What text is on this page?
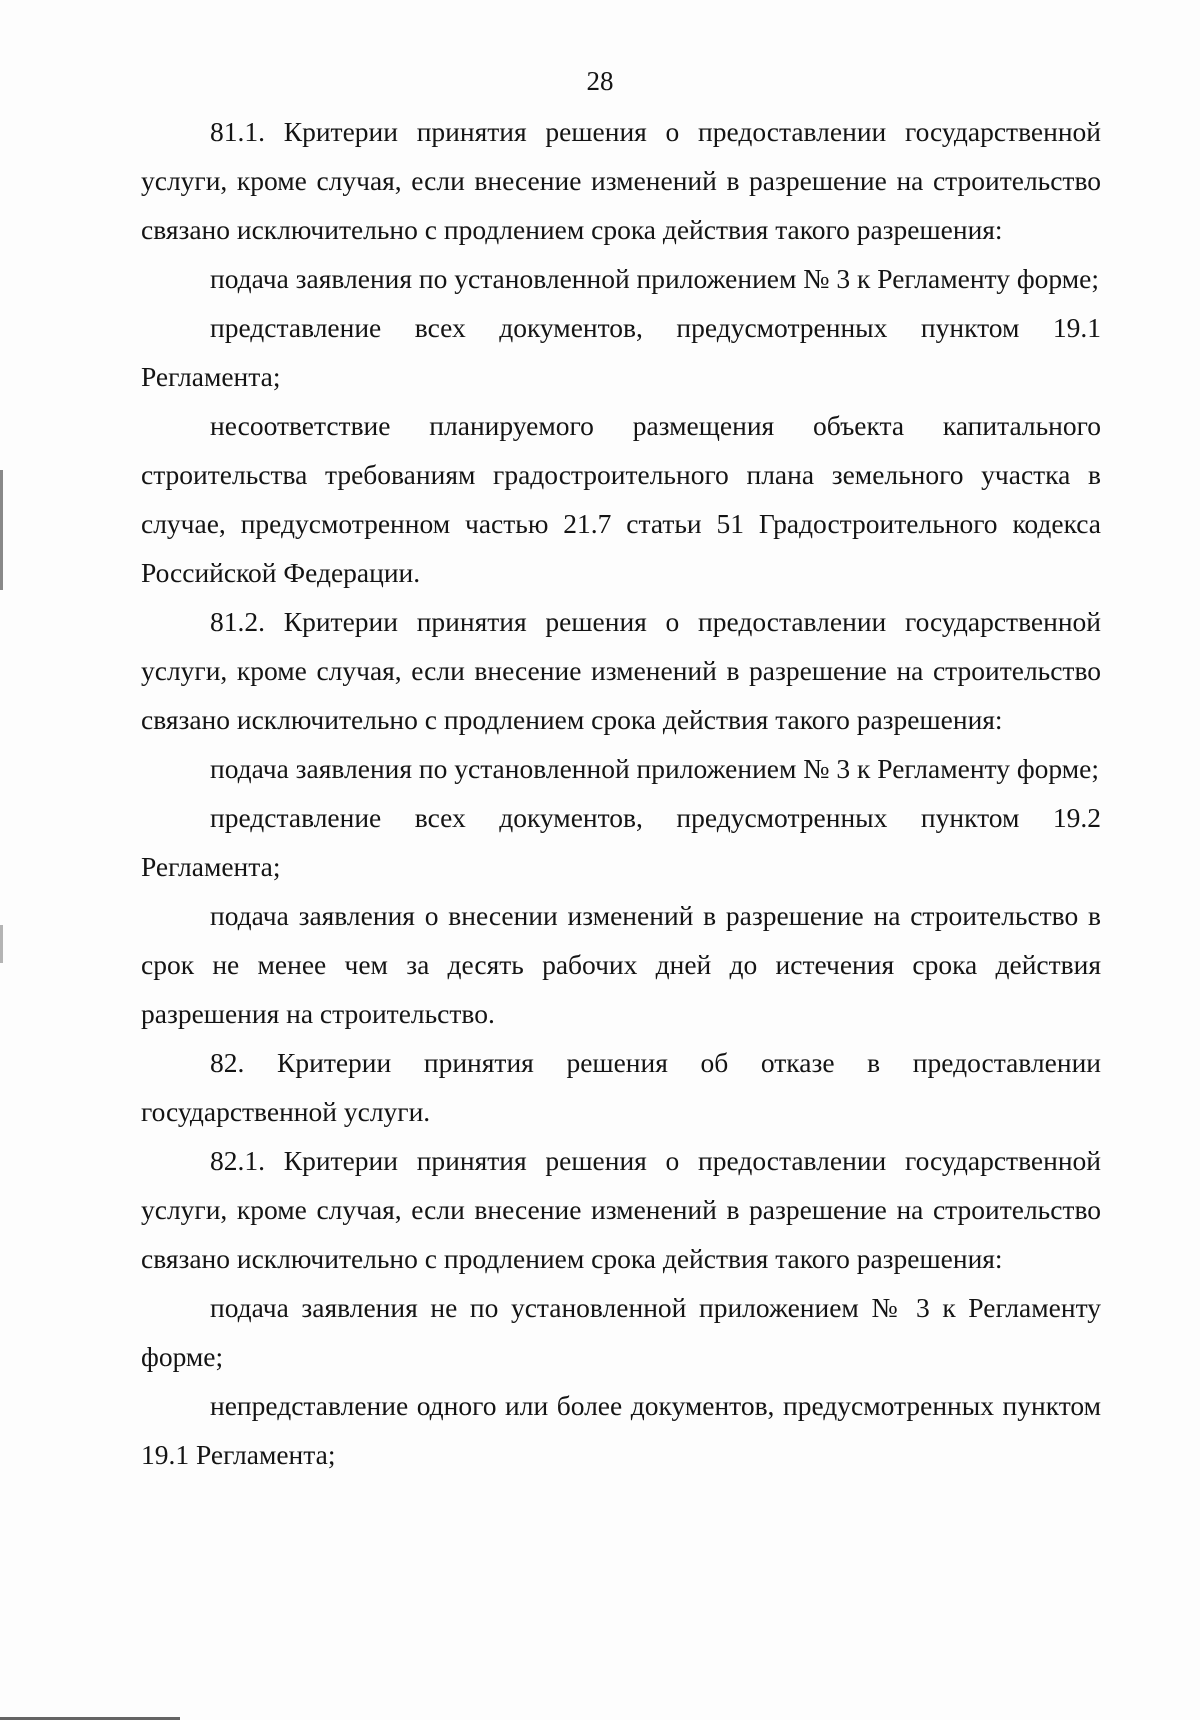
28

81.1. Критерии принятия решения о предоставлении государственной услуги, кроме случая, если внесение изменений в разрешение на строительство связано исключительно с продлением срока действия такого разрешения:

подача заявления по установленной приложением № 3 к Регламенту форме;

представление всех документов, предусмотренных пунктом 19.1 Регламента;

несоответствие планируемого размещения объекта капитального строительства требованиям градостроительного плана земельного участка в случае, предусмотренном частью 21.7 статьи 51 Градостроительного кодекса Российской Федерации.

81.2. Критерии принятия решения о предоставлении государственной услуги, кроме случая, если внесение изменений в разрешение на строительство связано исключительно с продлением срока действия такого разрешения:

подача заявления по установленной приложением № 3 к Регламенту форме;

представление всех документов, предусмотренных пунктом 19.2 Регламента;

подача заявления о внесении изменений в разрешение на строительство в срок не менее чем за десять рабочих дней до истечения срока действия разрешения на строительство.

82. Критерии принятия решения об отказе в предоставлении государственной услуги.

82.1. Критерии принятия решения о предоставлении государственной услуги, кроме случая, если внесение изменений в разрешение на строительство связано исключительно с продлением срока действия такого разрешения:

подача заявления не по установленной приложением № 3 к Регламенту форме;

непредставление одного или более документов, предусмотренных пунктом 19.1 Регламента;
